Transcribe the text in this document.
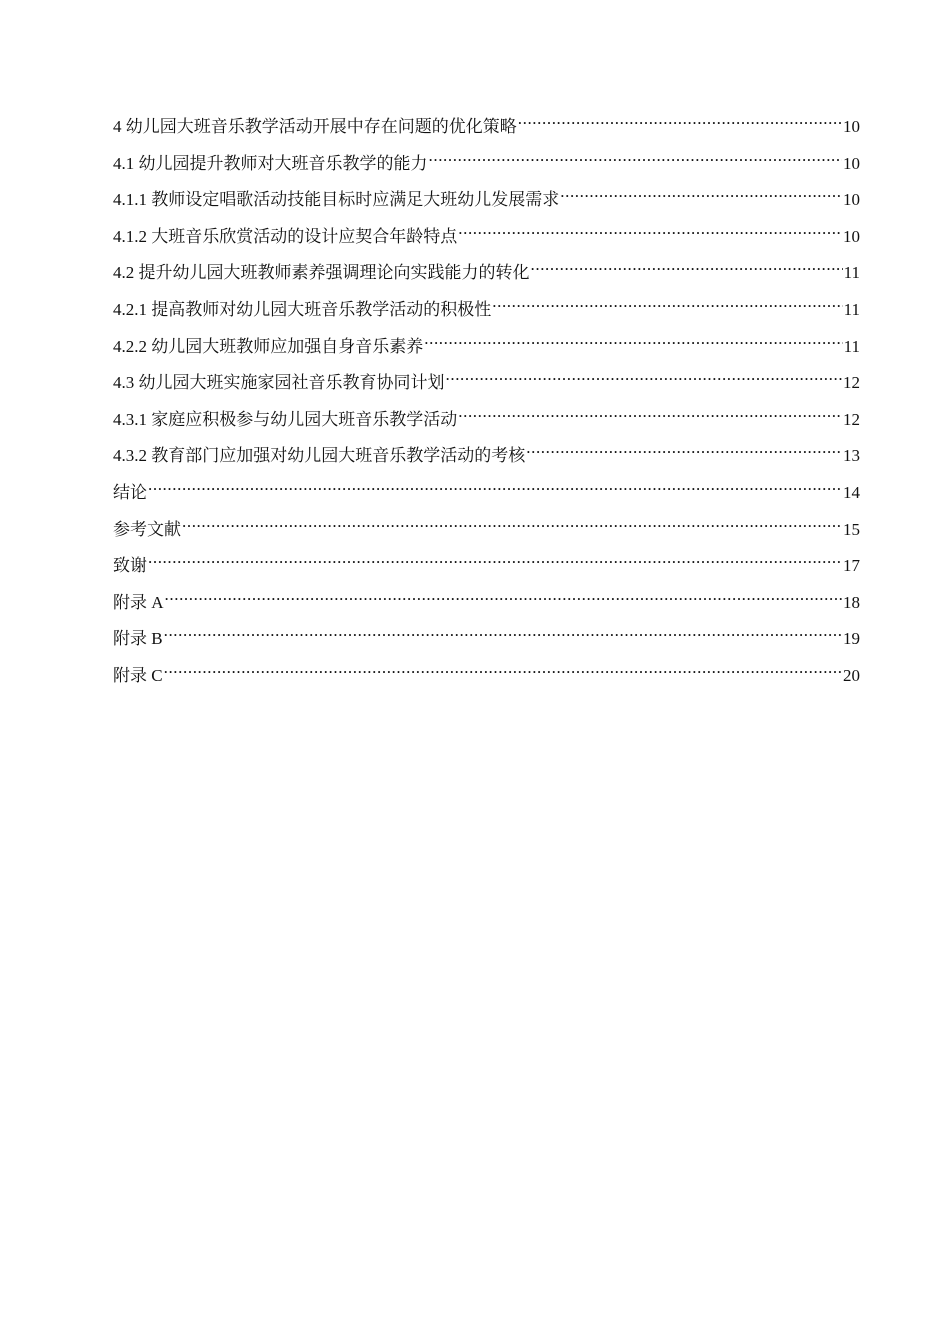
4 幼儿园大班音乐教学活动开展中存在问题的优化策略 .....	10
4.1 幼儿园提升教师对大班音乐教学的能力 .....	10
4.1.1 教师设定唱歌活动技能目标时应满足大班幼儿发展需求 .....	10
4.1.2 大班音乐欣赏活动的设计应契合年龄特点 .....	10
4.2 提升幼儿园大班教师素养强调理论向实践能力的转化 .....	11
4.2.1 提高教师对幼儿园大班音乐教学活动的积极性 .....	11
4.2.2 幼儿园大班教师应加强自身音乐素养 .....	11
4.3 幼儿园大班实施家园社音乐教育协同计划 .....	12
4.3.1 家庭应积极参与幼儿园大班音乐教学活动 .....	12
4.3.2 教育部门应加强对幼儿园大班音乐教学活动的考核 .....	13
结论 .....	14
参考文献 .....	15
致谢 .....	17
附录 A .....	18
附录 B .....	19
附录 C .....	20
